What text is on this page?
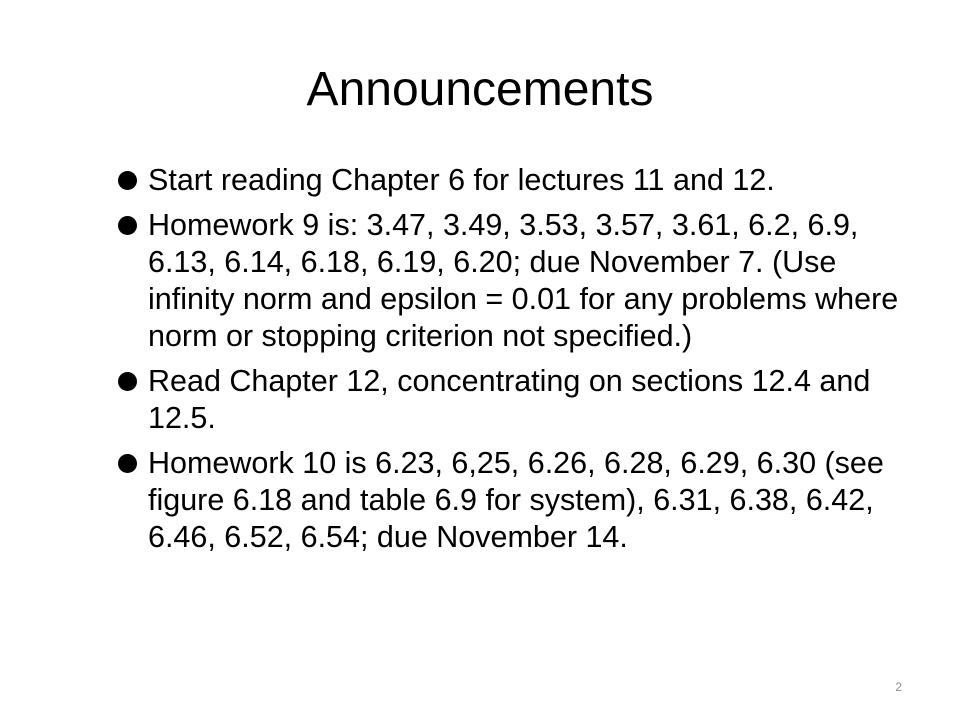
Announcements
Start reading Chapter 6 for lectures 11 and 12.
Homework 9 is: 3.47, 3.49, 3.53, 3.57, 3.61, 6.2, 6.9, 6.13, 6.14, 6.18, 6.19, 6.20; due November 7. (Use infinity norm and epsilon = 0.01 for any problems where norm or stopping criterion not specified.)
Read Chapter 12, concentrating on sections 12.4 and 12.5.
Homework 10 is 6.23, 6,25, 6.26, 6.28, 6.29, 6.30 (see figure 6.18 and table 6.9 for system), 6.31, 6.38, 6.42, 6.46, 6.52, 6.54; due November 14.
2
